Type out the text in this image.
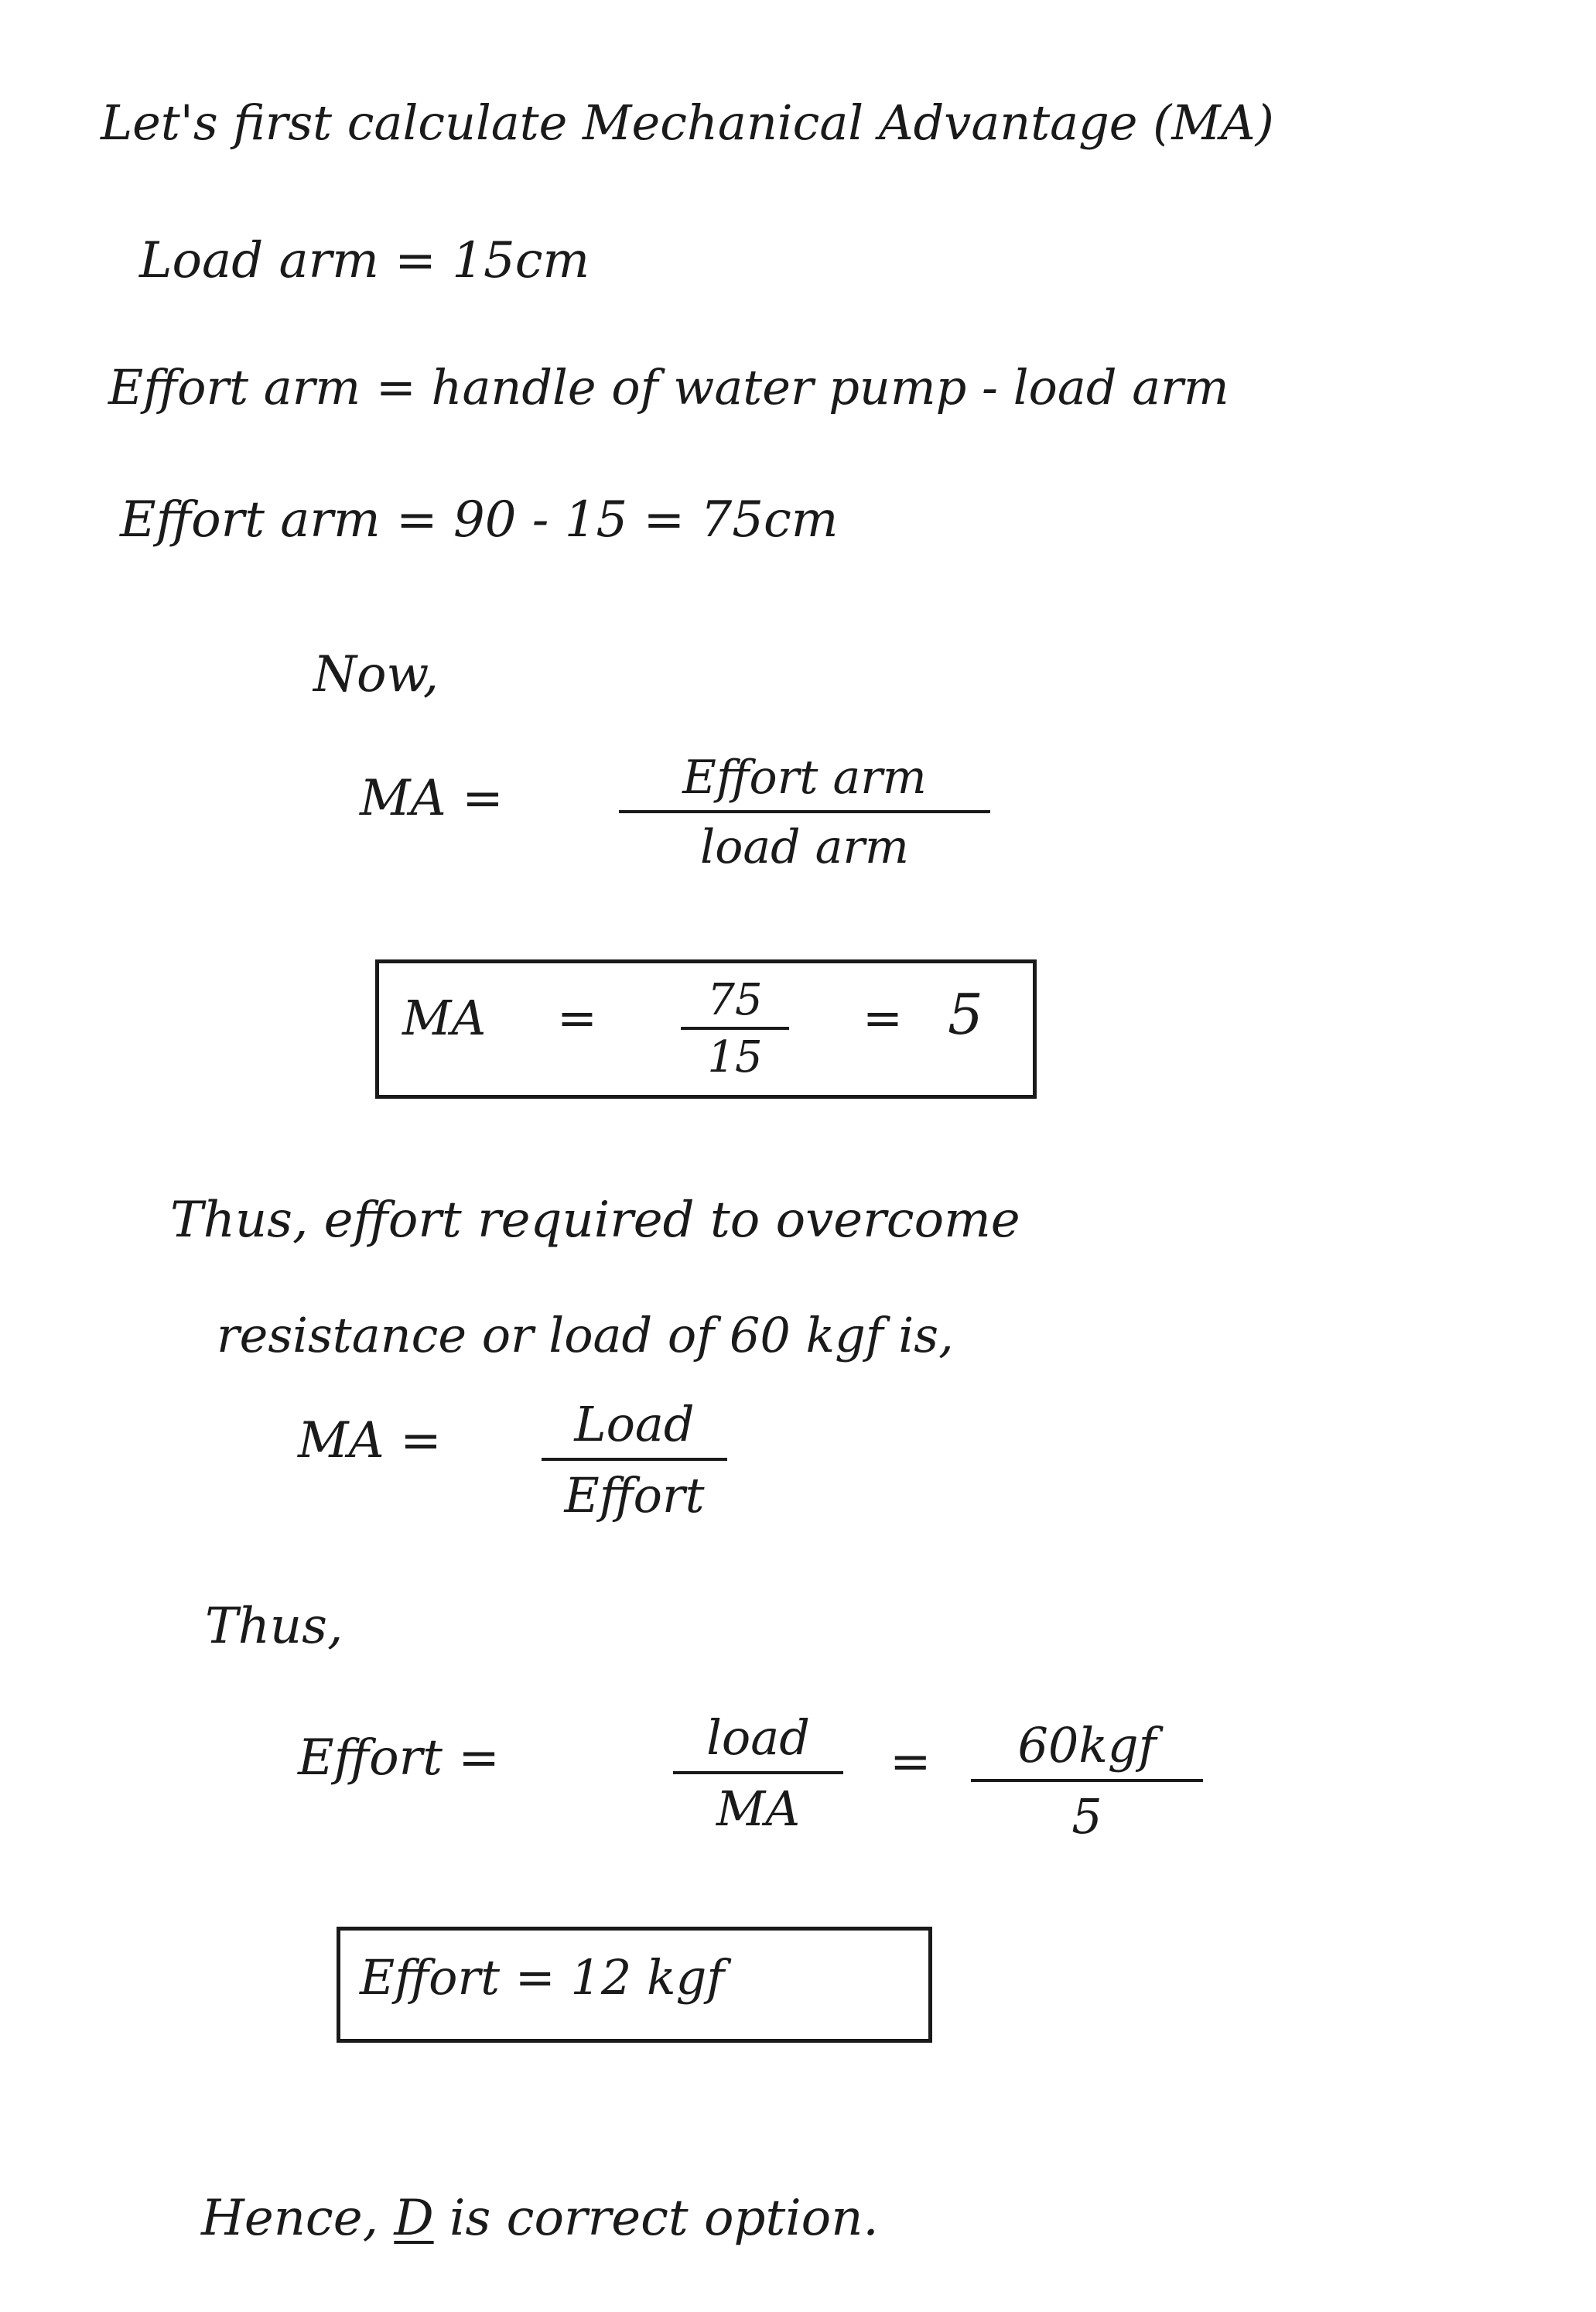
Let's first calculate Mechanical Advantage (MA)
Load arm = 15cm
Effort arm = handle of water pump - load arm
Effort arm = 90 - 15 = 75cm
Now,
MA =	Effort arm
load arm
MA =	75
15
= 5
Thus, effort required to overcome
resistance or load of 60 kgf is,
MA =	Load
Effort
Thus,
Effort =	load
MA
= 60kgf
5
Effort = 12 kgf
Hence, D is correct option.
